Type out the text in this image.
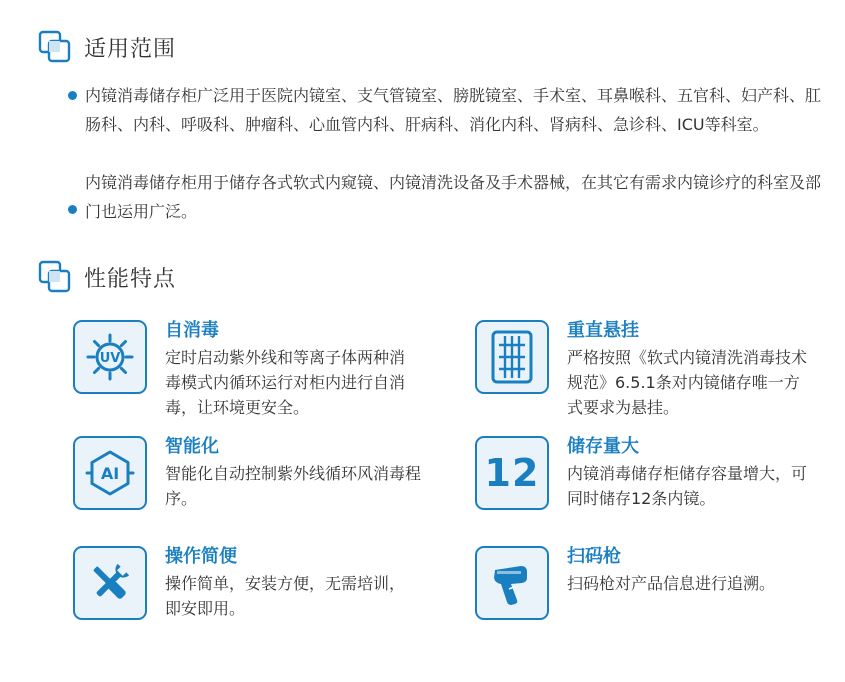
适用范围
内镜消毒储存柜广泛用于医院内镜室、支气管镜室、膀胱镜室、手术室、耳鼻喉科、五官科、妇产科、肛肠科、内科、呼吸科、肿瘤科、心血管内科、肝病科、消化内科、肾病科、急诊科、ICU等科室。
内镜消毒储存柜用于储存各式软式内窥镜、内镜清洗设备及手术器械，在其它有需求内镜诊疗的科室及部门也运用广泛。
性能特点
UV
自消毒
定时启动紫外线和等离子体两种消
毒模式内循环运行对柜内进行自消
毒，让环境更安全。
重直悬挂
严格按照《软式内镜清洗消毒技术
规范》6.5.1条对内镜储存唯一方
式要求为悬挂。
AI
智能化
智能化自动控制紫外线循环风消毒程
序。
12
储存量大
内镜消毒储存柜储存容量增大，可
同时储存12条内镜。
操作简便
操作简单，安装方便，无需培训，
即安即用。
扫码枪
扫码枪对产品信息进行追溯。
